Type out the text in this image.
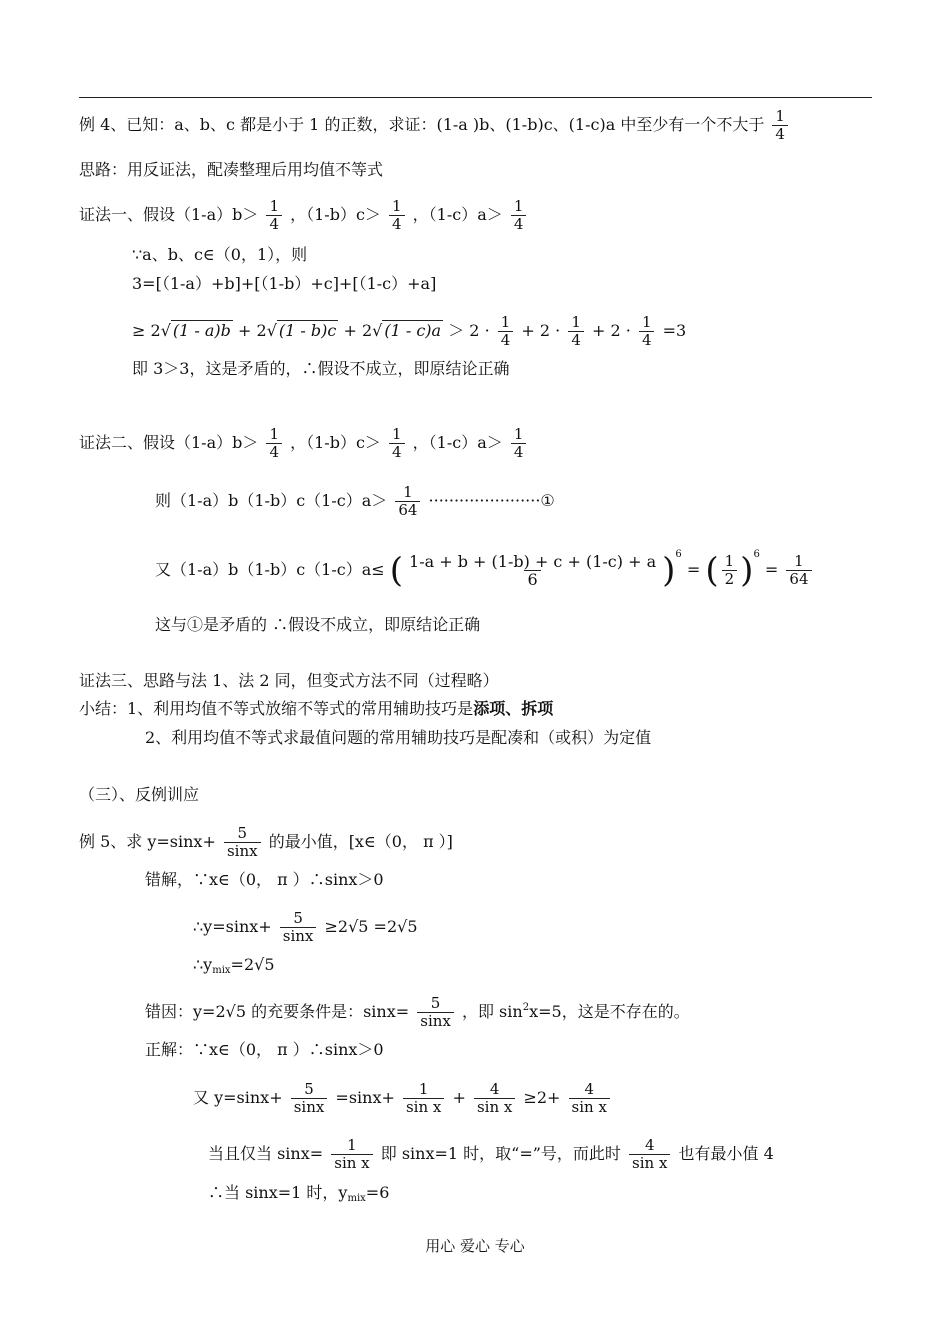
例 4、已知：a、b、c 都是小于 1 的正数，求证：(1-a )b、(1-b)c、(1-c)a 中至少有一个不大于 $\frac{1}{4}$
思路：用反证法，配凑整理后用均值不等式
证法一、假设$(1-a)b> \frac{1}{4}$ ，$(1-b)c> \frac{1}{4}$ ，$(1-c)a> \frac{1}{4}$
∵a、b、c∈（0，1），则
3=[（1-a）+b]+[（1-b）+c]+[（1-c）+a]
≥ 2√ (1 - a)b + 2√ (1 - b)c + 2√ $(1 - c)a > 2 \cdot \frac{1}{4} + 2 \cdot \frac{1}{4} + 2 \cdot \frac{1}{4} =3$
即 3＞3，这是矛盾的，∴假设不成立，即原结论正确
证法二、假设$(1-a)b> \frac{1}{4}$ ，$(1-b)c> \frac{1}{4}$ ，$(1-c)a> \frac{1}{4}$
则$(1-a)b(1-b)c(1-c)a> \frac{1}{64}$ ······················①
又（1-a）b（1-b）c（1-c）a≤ ( $\frac{1-a + b + (1-b) + c + (1-c) + a}{6} )^6$ = ( $\frac{1}{2} )^6 = \frac{1}{64}$
这与①是矛盾的 ∴假设不成立，即原结论正确
证法三、思路与法 1、法 2 同，但变式方法不同（过程略）
小结：1、利用均值不等式放缩不等式的常用辅助技巧是添项、拆项
2、利用均值不等式求最值问题的常用辅助技巧是配凑和（或积）为定值
（三）、反例训应
例 5、求 $y=\sin x+ \frac{5}{\sin x}$ 的最小值，[x∈（0， π ）]
错解，∵x∈（0， π ）∴sinx＞0
∴y=sinx+ $\frac{5}{\sin x} \ge 2√5 =2√5$
$\therefore y_{mix}=2√5$
错因：y=2√5 的充要条件是：$\sin x= \frac{5}{\sin x}$ ，即 $\sin^2x=5$，这是不存在的。
正解：∵x∈（0， π ）∴sinx＞0
又 $y=\sin x+ \frac{5}{\sin x} =\sin x+ \frac{1}{\text{sin x}} + \frac{4}{\text{sin x}} \ge 2+ \frac{4}{\text{sin x}}$
当且仅当 $\sin x= \frac{1}{\text{sin x}}$ 即 sinx=1 时，取“=”号，而此时 $\frac{4}{\text{sin x}}$ 也有最小值 4
∴当 sinx=1 时，$y_{mix}=6$
用心 爱心 专心
